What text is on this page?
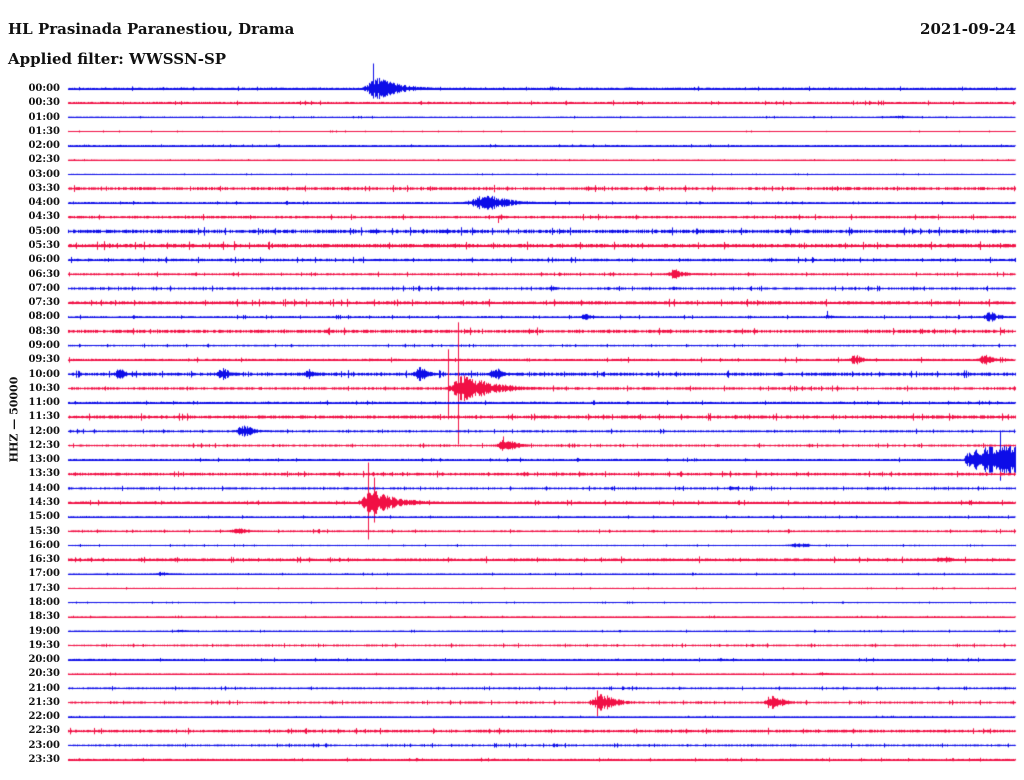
00:00
00:30
01:00
01:30
02:00
02:30
03:00
03:30
04:00
04:30
05:00
05:30
06:00
06:30
07:00
07:30
08:00
08:30
09:00
09:30
10:00
10:30
11:00
11:30
12:00
12:30
13:00
13:30
14:00
14:30
15:00
15:30
16:00
16:30
17:00
17:30
18:00
18:30
19:00
19:30
20:00
20:30
21:00
21:30
22:00
22:30
23:00
23:30
